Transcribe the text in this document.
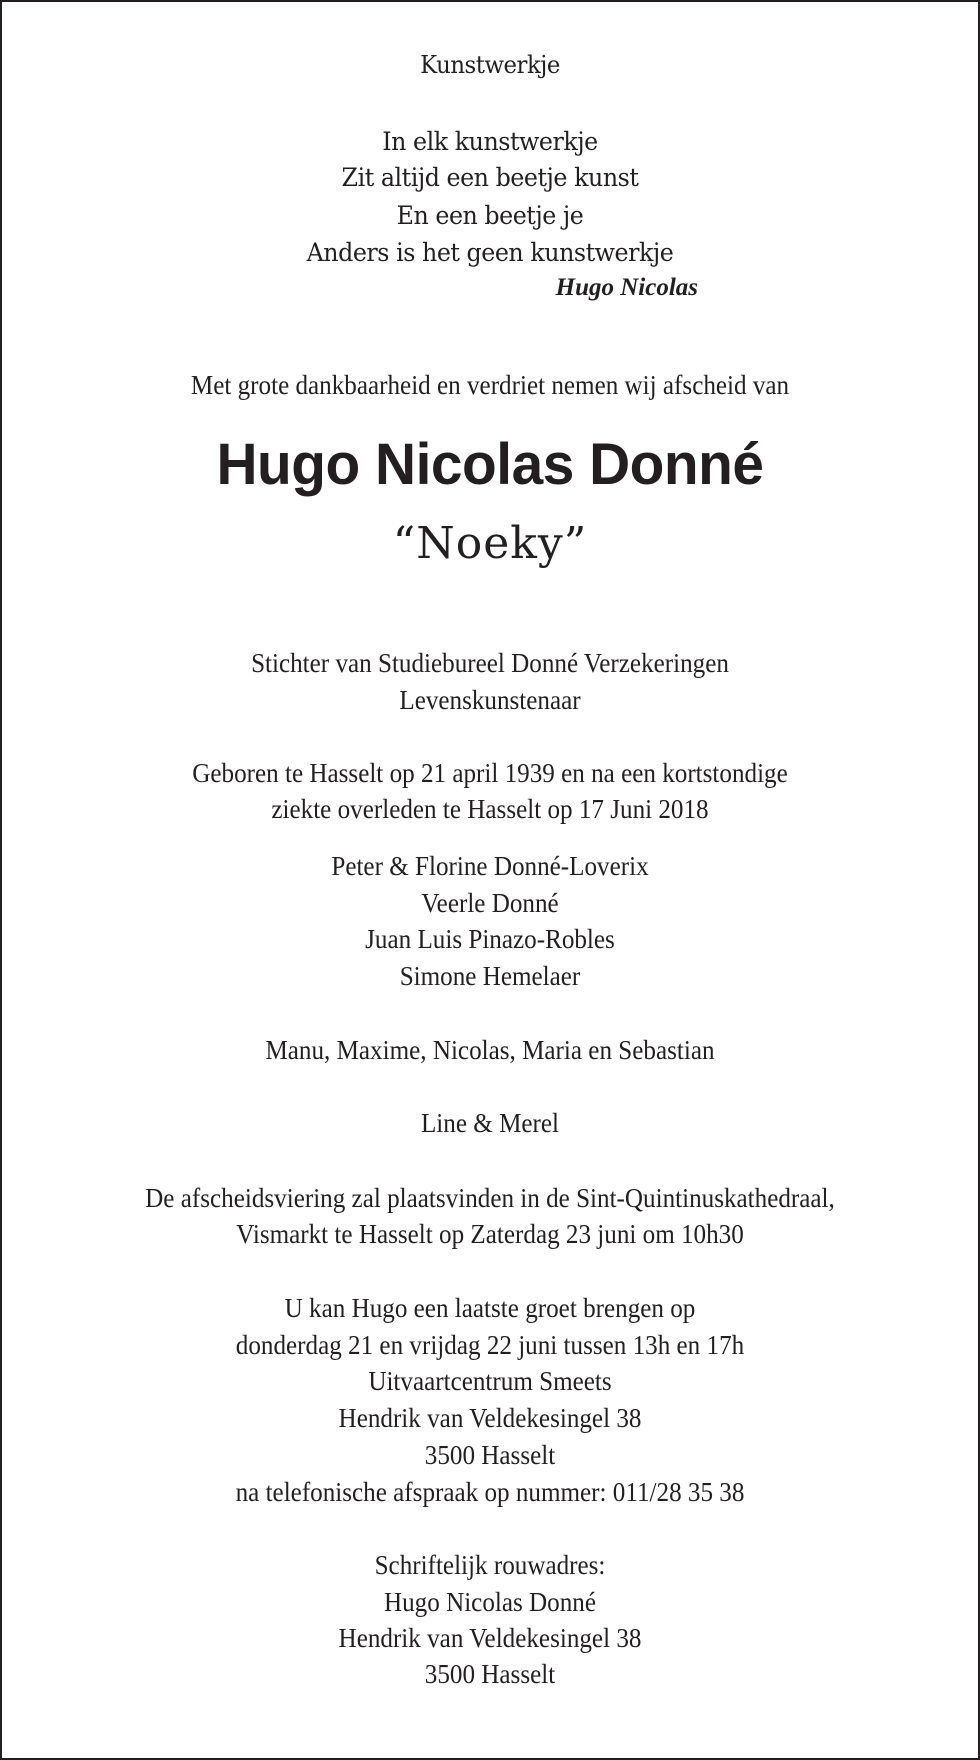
Kunstwerkje
In elk kunstwerkje
Zit altijd een beetje kunst
En een beetje je
Anders is het geen kunstwerkje
Hugo Nicolas
Met grote dankbaarheid en verdriet nemen wij afscheid van
Hugo Nicolas Donné
“Noeky”
Stichter van Studiebureel Donné Verzekeringen
Levenskunstenaar
Geboren te Hasselt op 21 april 1939 en na een kortstondige
ziekte overleden te Hasselt op 17 Juni 2018
Peter & Florine Donné-Loverix
Veerle Donné
Juan Luis Pinazo-Robles
Simone Hemelaer
Manu, Maxime, Nicolas, Maria en Sebastian
Line & Merel
De afscheidsviering zal plaatsvinden in de Sint-Quintinuskathedraal,
Vismarkt te Hasselt op Zaterdag 23 juni om 10h30
U kan Hugo een laatste groet brengen op
donderdag 21 en vrijdag 22 juni tussen 13h en 17h
Uitvaartcentrum Smeets
Hendrik van Veldekesingel 38
3500 Hasselt
na telefonische afspraak op nummer: 011/28 35 38
Schriftelijk rouwadres:
Hugo Nicolas Donné
Hendrik van Veldekesingel 38
3500 Hasselt
